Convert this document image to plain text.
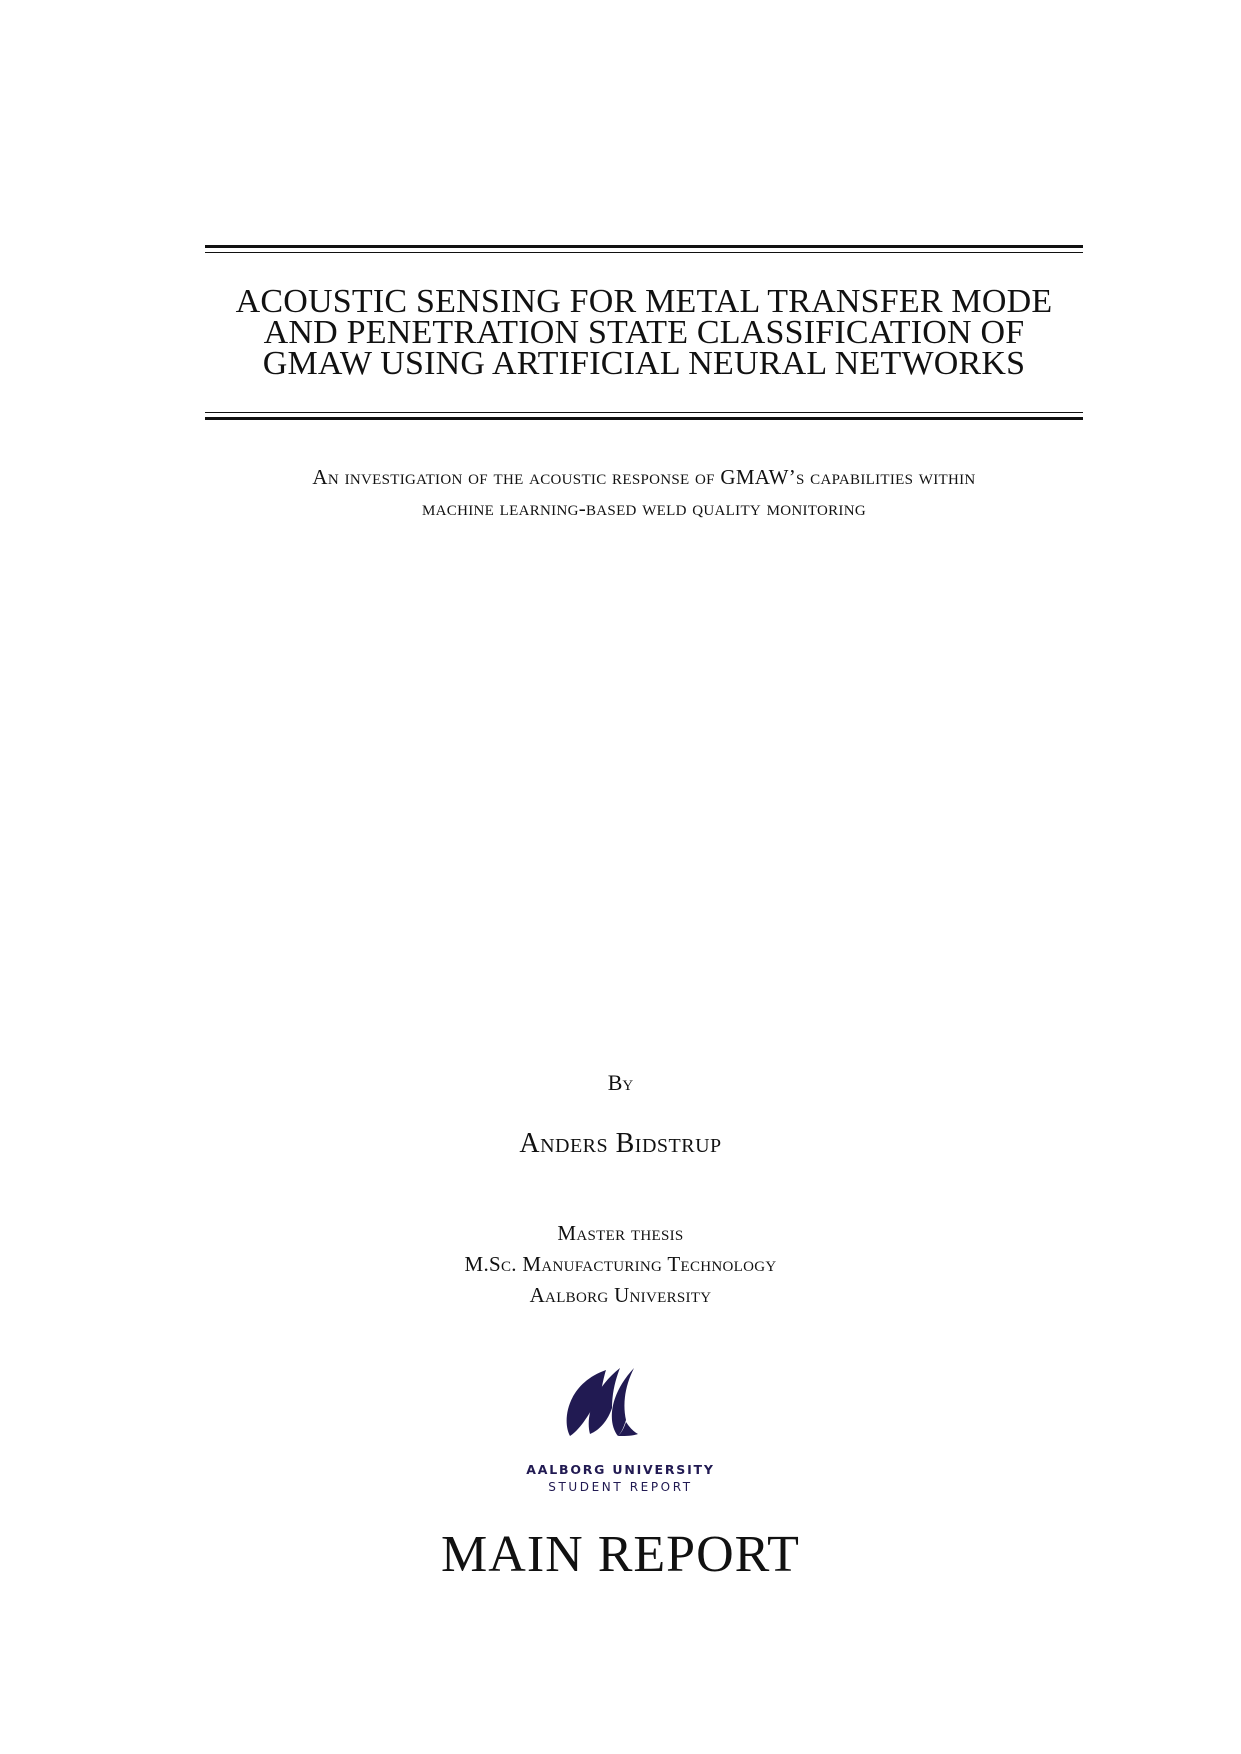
ACOUSTIC SENSING FOR METAL TRANSFER MODE
AND PENETRATION STATE CLASSIFICATION OF
GMAW USING ARTIFICIAL NEURAL NETWORKS
An investigation of the acoustic response of GMAW’s capabilities within
machine learning-based weld quality monitoring
By
Anders Bidstrup
Master thesis
M.Sc. Manufacturing Technology
Aalborg University
AALBORG UNIVERSITY
STUDENT REPORT
MAIN REPORT
